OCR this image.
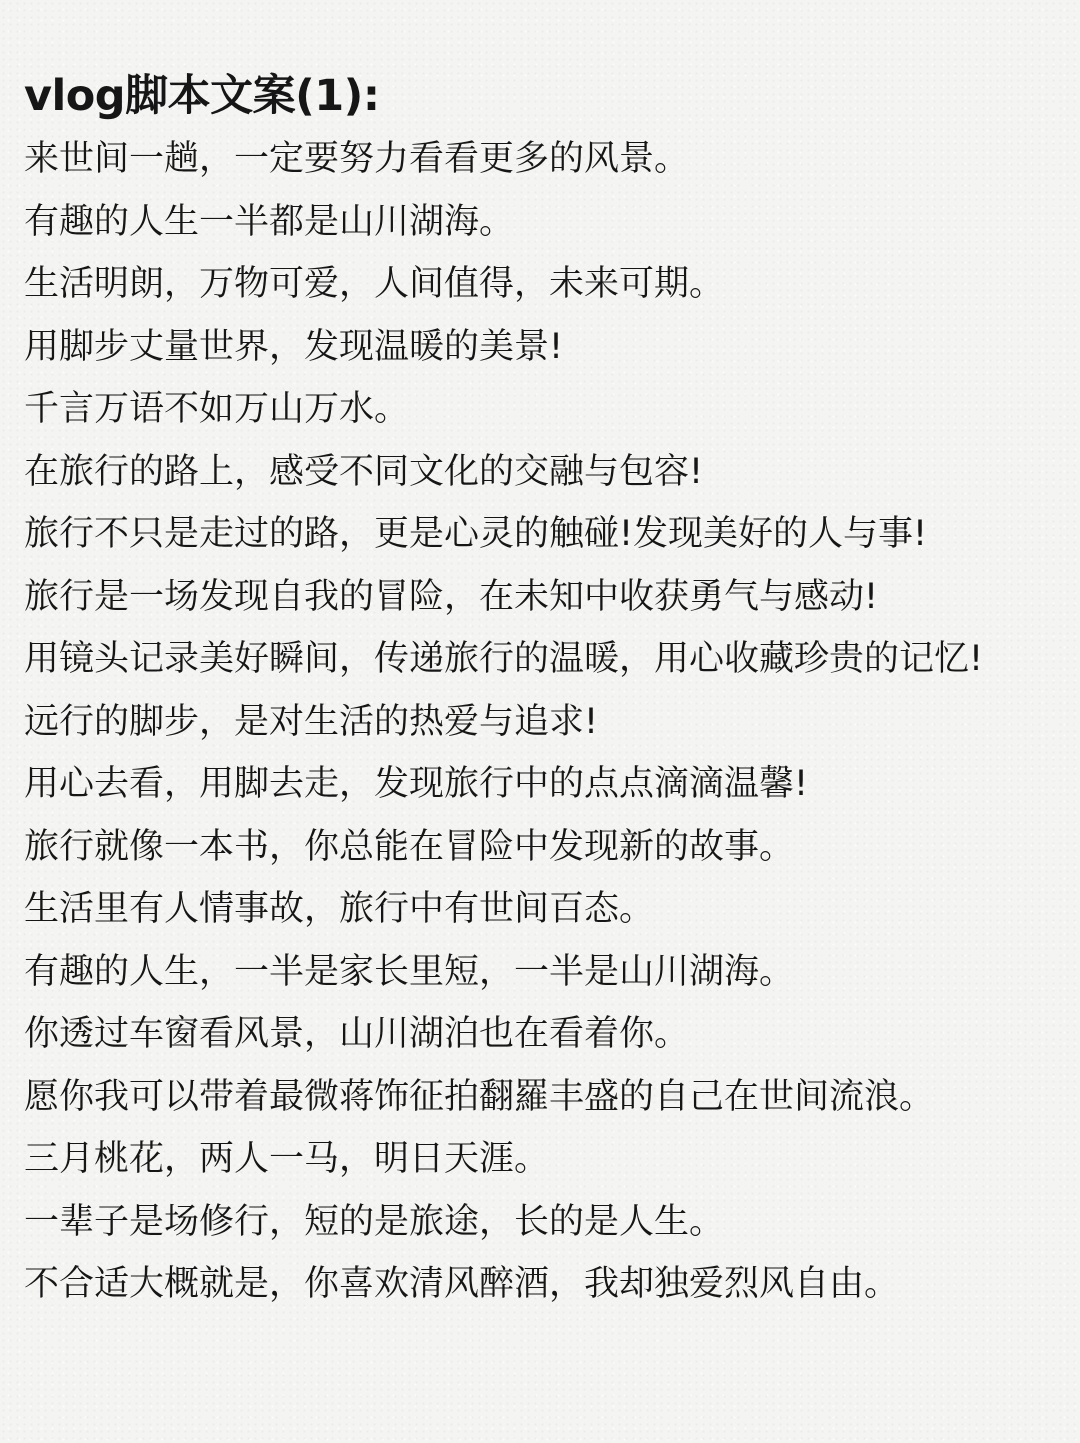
vlog脚本文案(1):

来世间一趟，一定要努力看看更多的风景。

有趣的人生一半都是山川湖海。

生活明朗，万物可爱，人间值得，未来可期。

用脚步丈量世界，发现温暖的美景!

千言万语不如万山万水。

在旅行的路上，感受不同文化的交融与包容!

旅行不只是走过的路，更是心灵的触碰!发现美好的人与事!

旅行是一场发现自我的冒险，在未知中收获勇气与感动!

用镜头记录美好瞬间，传递旅行的温暖，用心收藏珍贵的记忆!

远行的脚步，是对生活的热爱与追求!

用心去看，用脚去走，发现旅行中的点点滴滴温馨!

旅行就像一本书，你总能在冒险中发现新的故事。

生活里有人情事故，旅行中有世间百态。

有趣的人生，一半是家长里短，一半是山川湖海。

你透过车窗看风景，山川湖泊也在看着你。

愿你我可以带着最微蒋饰征拍翻羅丰盛的自己在世间流浪。

三月桃花，两人一马，明日天涯。

一辈子是场修行，短的是旅途，长的是人生。

不合适大概就是，你喜欢清风醉酒，我却独爱烈风自由。
